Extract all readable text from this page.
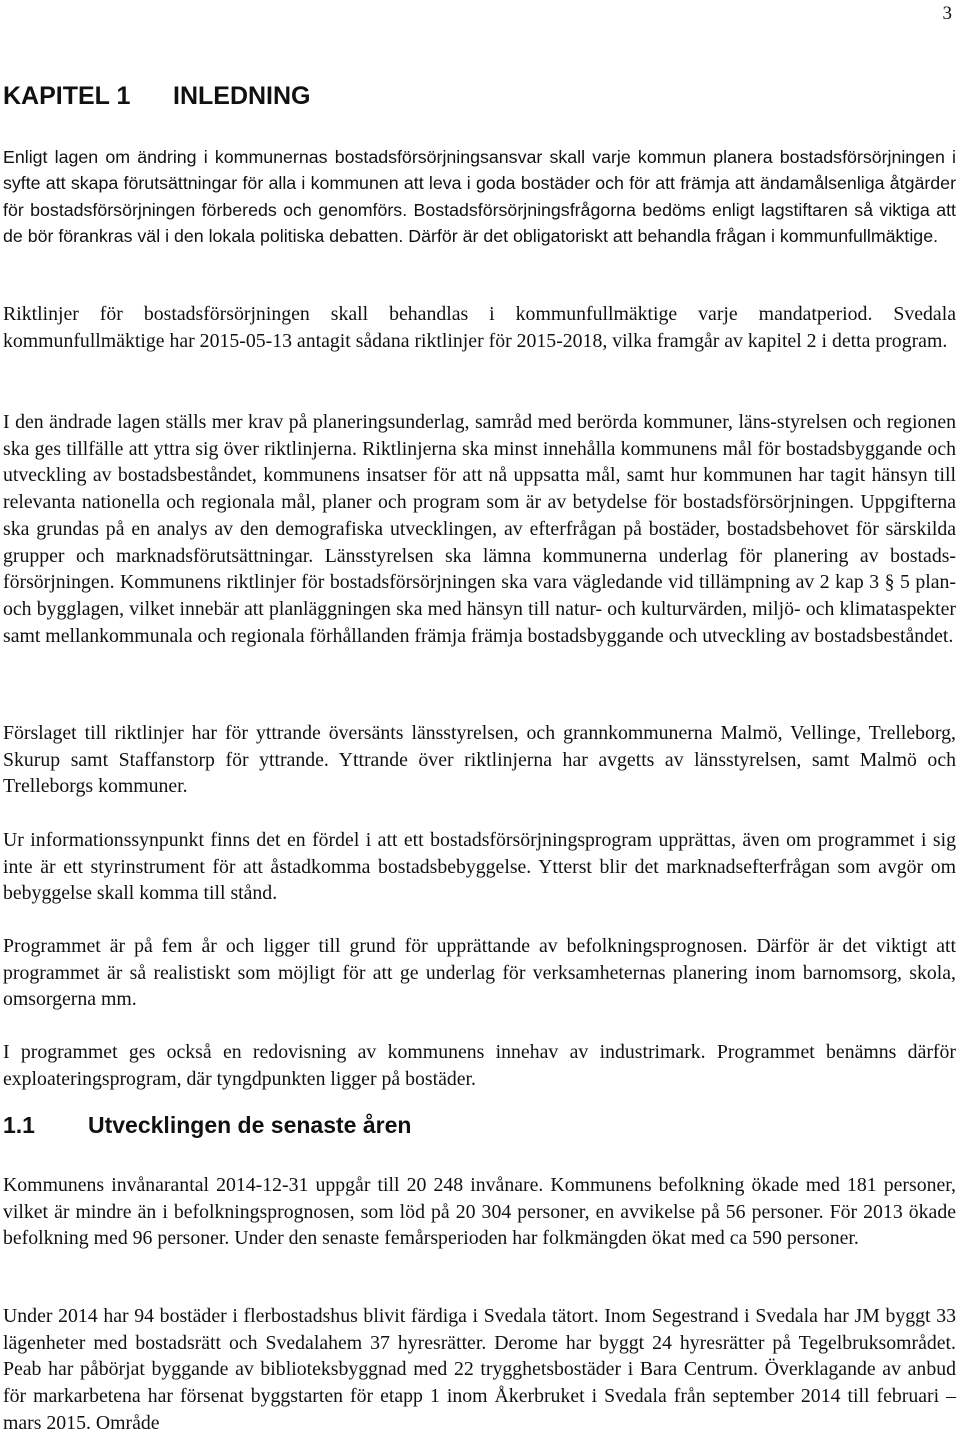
3
KAPITEL 1 INLEDNING

Enligt lagen om ändring i kommunernas bostadsförsörjningsansvar skall varje kommun planera bostadsförsörjningen i syfte att skapa förutsättningar för alla i kommunen att leva i goda bostäder och för att främja att ändamålsenliga åtgärder för bostadsförsörjningen förbereds och genomförs. Bostadsförsörjningsfrågorna bedöms enligt lagstiftaren så viktiga att de bör förankras väl i den lokala politiska debatten. Därför är det obligatoriskt att behandla frågan i kommunfullmäktige.

Riktlinjer för bostadsförsörjningen skall behandlas i kommunfullmäktige varje mandatperiod. Svedala kommunfullmäktige har 2015-05-13 antagit sådana riktlinjer för 2015-2018, vilka framgår av kapitel 2 i detta program.

I den ändrade lagen ställs mer krav på planeringsunderlag, samråd med berörda kommuner, läns-styrelsen och regionen ska ges tillfälle att yttra sig över riktlinjerna. Riktlinjerna ska minst innehålla kommunens mål för bostadsbyggande och utveckling av bostadsbeståndet, kommunens insatser för att nå uppsatta mål, samt hur kommunen har tagit hänsyn till relevanta nationella och regionala mål, planer och program som är av betydelse för bostadsförsörjningen. Uppgifterna ska grundas på en analys av den demografiska utvecklingen, av efterfrågan på bostäder, bostadsbehovet för särskilda grupper och marknadsförutsättningar. Länsstyrelsen ska lämna kommunerna underlag för planering av bostads-försörjningen. Kommunens riktlinjer för bostadsförsörjningen ska vara vägledande vid tillämpning av 2 kap 3 § 5 plan- och bygglagen, vilket innebär att planläggningen ska med hänsyn till natur- och kulturvärden, miljö- och klimataspekter samt mellankommunala och regionala förhållanden främja främja bostadsbyggande och utveckling av bostadsbeståndet.

Förslaget till riktlinjer har för yttrande översänts länsstyrelsen, och grannkommunerna Malmö, Vellinge, Trelleborg, Skurup samt Staffanstorp för yttrande. Yttrande över riktlinjerna har avgetts av länsstyrelsen, samt Malmö och Trelleborgs kommuner.

Ur informationssynpunkt finns det en fördel i att ett bostadsförsörjningsprogram upprättas, även om programmet i sig inte är ett styrinstrument för att åstadkomma bostadsbebyggelse. Ytterst blir det marknadsefterfrågan som avgör om bebyggelse skall komma till stånd.

Programmet är på fem år och ligger till grund för upprättande av befolkningsprognosen. Därför är det viktigt att programmet är så realistiskt som möjligt för att ge underlag för verksamheternas planering inom barnomsorg, skola, omsorgerna mm.

I programmet ges också en redovisning av kommunens innehav av industrimark. Programmet benämns därför exploateringsprogram, där tyngdpunkten ligger på bostäder.

1.1 Utvecklingen de senaste åren

Kommunens invånarantal 2014-12-31 uppgår till 20 248 invånare. Kommunens befolkning ökade med 181 personer, vilket är mindre än i befolkningsprognosen, som löd på 20 304 personer, en avvikelse på 56 personer. För 2013 ökade befolkning med 96 personer. Under den senaste femårsperioden har folkmängden ökat med ca 590 personer.

Under 2014 har 94 bostäder i flerbostadshus blivit färdiga i Svedala tätort. Inom Segestrand i Svedala har JM byggt 33 lägenheter med bostadsrätt och Svedalahem 37 hyresrätter. Derome har byggt 24 hyresrätter på Tegelbruksområdet. Peab har påbörjat byggande av biblioteksbyggnad med 22 trygghetsbostäder i Bara Centrum. Överklagande av anbud för markarbetena har försenat byggstarten för etapp 1 inom Åkerbruket i Svedala från september 2014 till februari – mars 2015. Område
